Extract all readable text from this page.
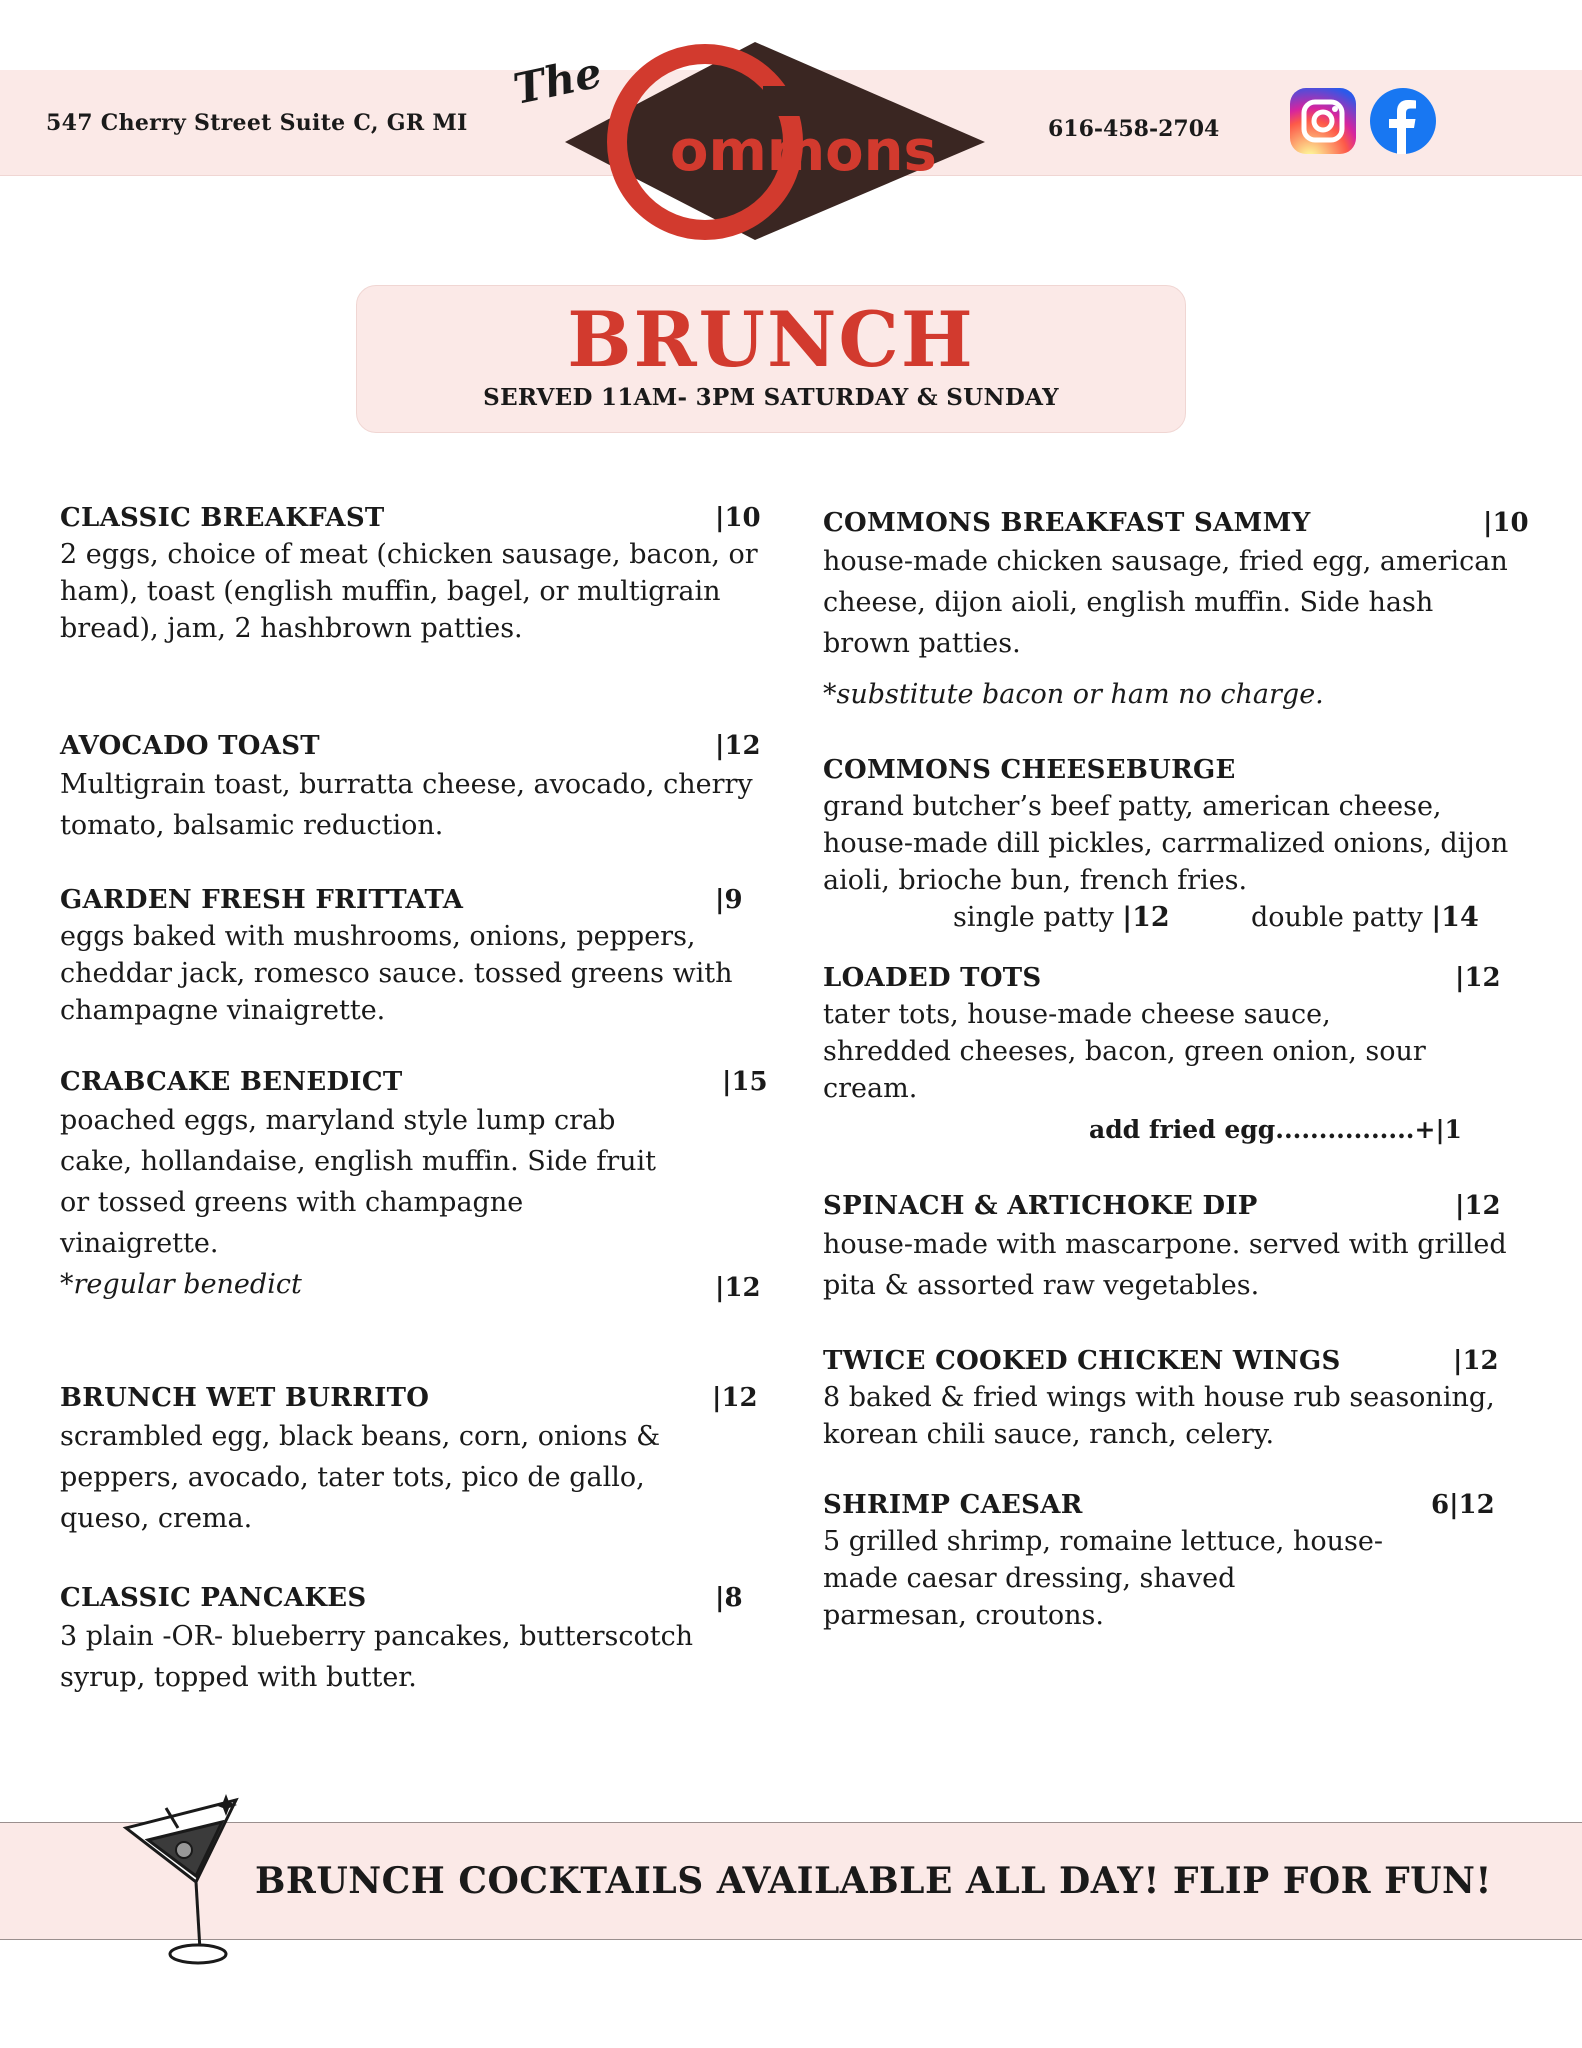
547 Cherry Street Suite C, GR MI	616-458-2704
The
ommons
BRUNCH
SERVED 11AM- 3PM SATURDAY & SUNDAY
CLASSIC BREAKFAST	|10
2 eggs, choice of meat (chicken sausage, bacon, or ham), toast (english muffin, bagel, or multigrain bread), jam, 2 hashbrown patties.
AVOCADO TOAST	|12
Multigrain toast, burratta cheese, avocado, cherry tomato, balsamic reduction.
GARDEN FRESH FRITTATA	|9
eggs baked with mushrooms, onions, peppers, cheddar jack, romesco sauce. tossed greens with champagne vinaigrette.
CRABCAKE BENEDICT	|15
poached eggs, maryland style lump crab cake, hollandaise, english muffin. Side fruit or tossed greens with champagne vinaigrette.
*regular benedict	|12
BRUNCH WET BURRITO	|12
scrambled egg, black beans, corn, onions & peppers, avocado, tater tots, pico de gallo, queso, crema.
CLASSIC PANCAKES	|8
3 plain -OR- blueberry pancakes, butterscotch syrup, topped with butter.
COMMONS BREAKFAST SAMMY	|10
house-made chicken sausage, fried egg, american cheese, dijon aioli, english muffin. Side hash brown patties.
*substitute bacon or ham no charge.
COMMONS CHEESEBURGE
grand butcher’s beef patty, american cheese, house-made dill pickles, carrmalized onions, dijon aioli, brioche bun, french fries.
single patty |12	double patty |14
LOADED TOTS	|12
tater tots, house-made cheese sauce, shredded cheeses, bacon, green onion, sour cream.
add fried egg................+|1
SPINACH & ARTICHOKE DIP	|12
house-made with mascarpone. served with grilled pita & assorted raw vegetables.
TWICE COOKED CHICKEN WINGS	|12
8 baked & fried wings with house rub seasoning, korean chili sauce, ranch, celery.
SHRIMP CAESAR	6|12
5 grilled shrimp, romaine lettuce, house-made caesar dressing, shaved parmesan, croutons.
BRUNCH COCKTAILS AVAILABLE ALL DAY! FLIP FOR FUN!
